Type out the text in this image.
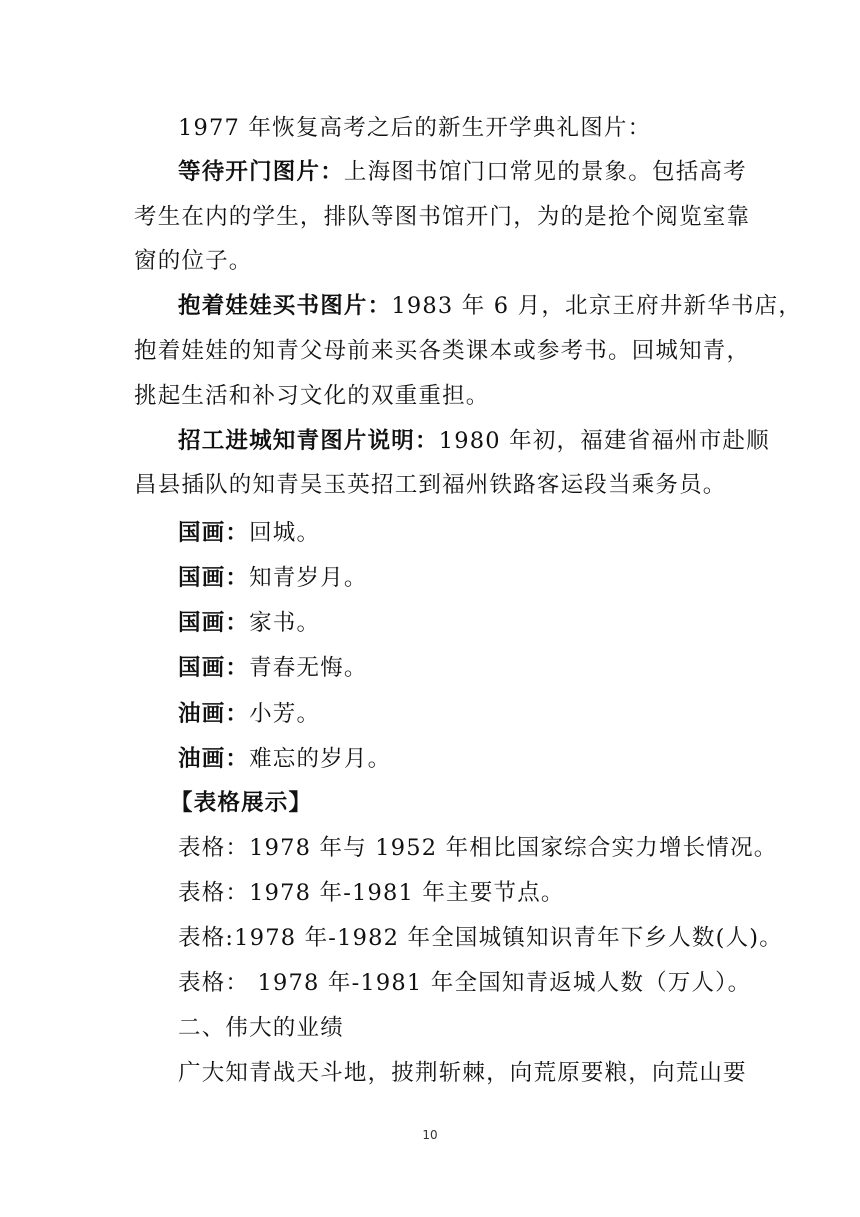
1977 年恢复高考之后的新生开学典礼图片：
等待开门图片：上海图书馆门口常见的景象。包括高考
考生在内的学生，排队等图书馆开门，为的是抢个阅览室靠
窗的位子。
抱着娃娃买书图片：1983 年 6 月，北京王府井新华书店，
抱着娃娃的知青父母前来买各类课本或参考书。回城知青，
挑起生活和补习文化的双重重担。
招工进城知青图片说明：1980 年初，福建省福州市赴顺
昌县插队的知青吴玉英招工到福州铁路客运段当乘务员。
国画：回城。
国画：知青岁月。
国画：家书。
国画：青春无悔。
油画：小芳。
油画：难忘的岁月。
【表格展示】
表格：1978 年与 1952 年相比国家综合实力增长情况。
表格：1978 年-1981 年主要节点。
表格:1978 年-1982 年全国城镇知识青年下乡人数(人)。
表格： 1978 年-1981 年全国知青返城人数（万人）。
二、伟大的业绩
广大知青战天斗地，披荆斩棘，向荒原要粮，向荒山要
10
